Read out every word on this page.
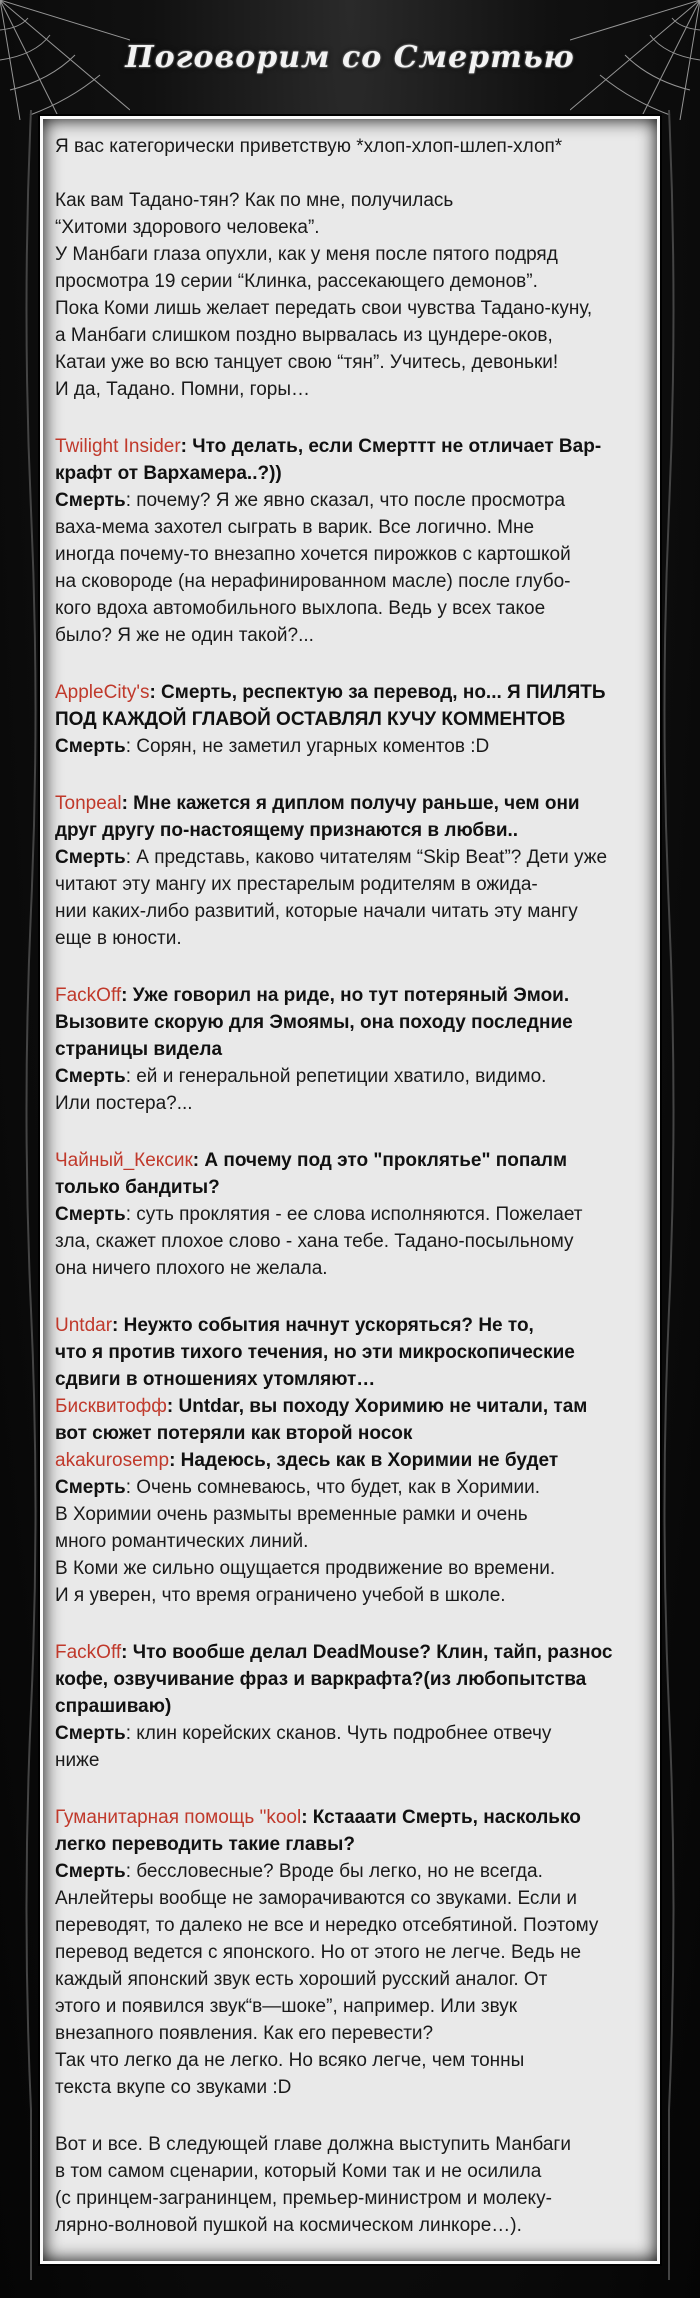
Поговорим со Смертью
Я вас категорически приветствую *хлоп-хлоп-шлеп-хлоп*

Как вам Тадано-тян? Как по мне, получилась
“Хитоми здорового человека”.
У Манбаги глаза опухли, как у меня после пятого подряд
просмотра 19 серии “Клинка, рассекающего демонов”.
Пока Коми лишь желает передать свои чувства Тадано-куну,
а Манбаги слишком поздно вырвалась из цундере-оков,
Катаи уже во всю танцует свою “тян”. Учитесь, девоньки!
И да, Тадано. Помни, горы…
Twilight Insider: Что делать, если Смерттт не отличает Вар-
крафт от Вархамера..?))
Смерть: почему? Я же явно сказал, что после просмотра
ваха-мема захотел сыграть в варик. Все логично. Мне
иногда почему-то внезапно хочется пирожков с картошкой
на сковороде (на нерафинированном масле) после глубо-
кого вдоха автомобильного выхлопа. Ведь у всех такое
было? Я же не один такой?...
AppleCity's: Смерть, респектую за перевод, но... Я ПИЛЯТЬ
ПОД КАЖДОЙ ГЛАВОЙ ОСТАВЛЯЛ КУЧУ КОММЕНТОВ
Смерть: Сорян, не заметил угарных коментов :D
Tonpeal: Мне кажется я диплом получу раньше, чем они
друг другу по-настоящему признаются в любви..
Смерть: А представь, каково читателям “Skip Beat”? Дети уже
читают эту мангу их престарелым родителям в ожида-
нии каких-либо развитий, которые начали читать эту мангу
еще в юности.
FackOff: Уже говорил на риде, но тут потеряный Эмои.
Вызовите скорую для Эмоямы, она походу последние
страницы видела
Смерть: ей и генеральной репетиции хватило, видимо.
Или постера?...
Чайный_Кексик: А почему под это "проклятье" попалм
только бандиты?
Смерть: суть проклятия - ее слова исполняются. Пожелает
зла, скажет плохое слово - хана тебе. Тадано-посыльному
она ничего плохого не желала.
Untdar: Неужто события начнут ускоряться? Не то,
что я против тихого течения, но эти микроскопические
сдвиги в отношениях утомляют…
Бисквитофф: Untdar, вы походу Хоримию не читали, там
вот сюжет потеряли как второй носок
akakurosemp: Надеюсь, здесь как в Хоримии не будет
Смерть: Очень сомневаюсь, что будет, как в Хоримии.
В Хоримии очень размыты временные рамки и очень
много романтических линий.
В Коми же сильно ощущается продвижение во времени.
И я уверен, что время ограничено учебой в школе.
FackOff: Что вообше делал DeadMouse? Клин, тайп, разнос
кофе, озвучивание фраз и варкрафта?(из любопытства
спрашиваю)
Смерть: клин корейских сканов. Чуть подробнее отвечу
ниже
Гуманитарная помощь "kool: Кстааати Смерть, насколько
легко переводить такие главы?
Смерть: бессловесные? Вроде бы легко, но не всегда.
Анлейтеры вообще не заморачиваются со звуками. Если и
переводят, то далеко не все и нередко отсебятиной. Поэтому
перевод ведется с японского. Но от этого не легче. Ведь не
каждый японский звук есть хороший русский аналог. От
этого и появился звук“в—шоке”, например. Или звук
внезапного появления. Как его перевести?
Так что легко да не легко. Но всяко легче, чем тонны
текста вкупе со звуками :D
Вот и все. В следующей главе должна выступить Манбаги
в том самом сценарии, который Коми так и не осилила
(с принцем-загранинцем, премьер-министром и молеку-
лярно-волновой пушкой на космическом линкоре…).
